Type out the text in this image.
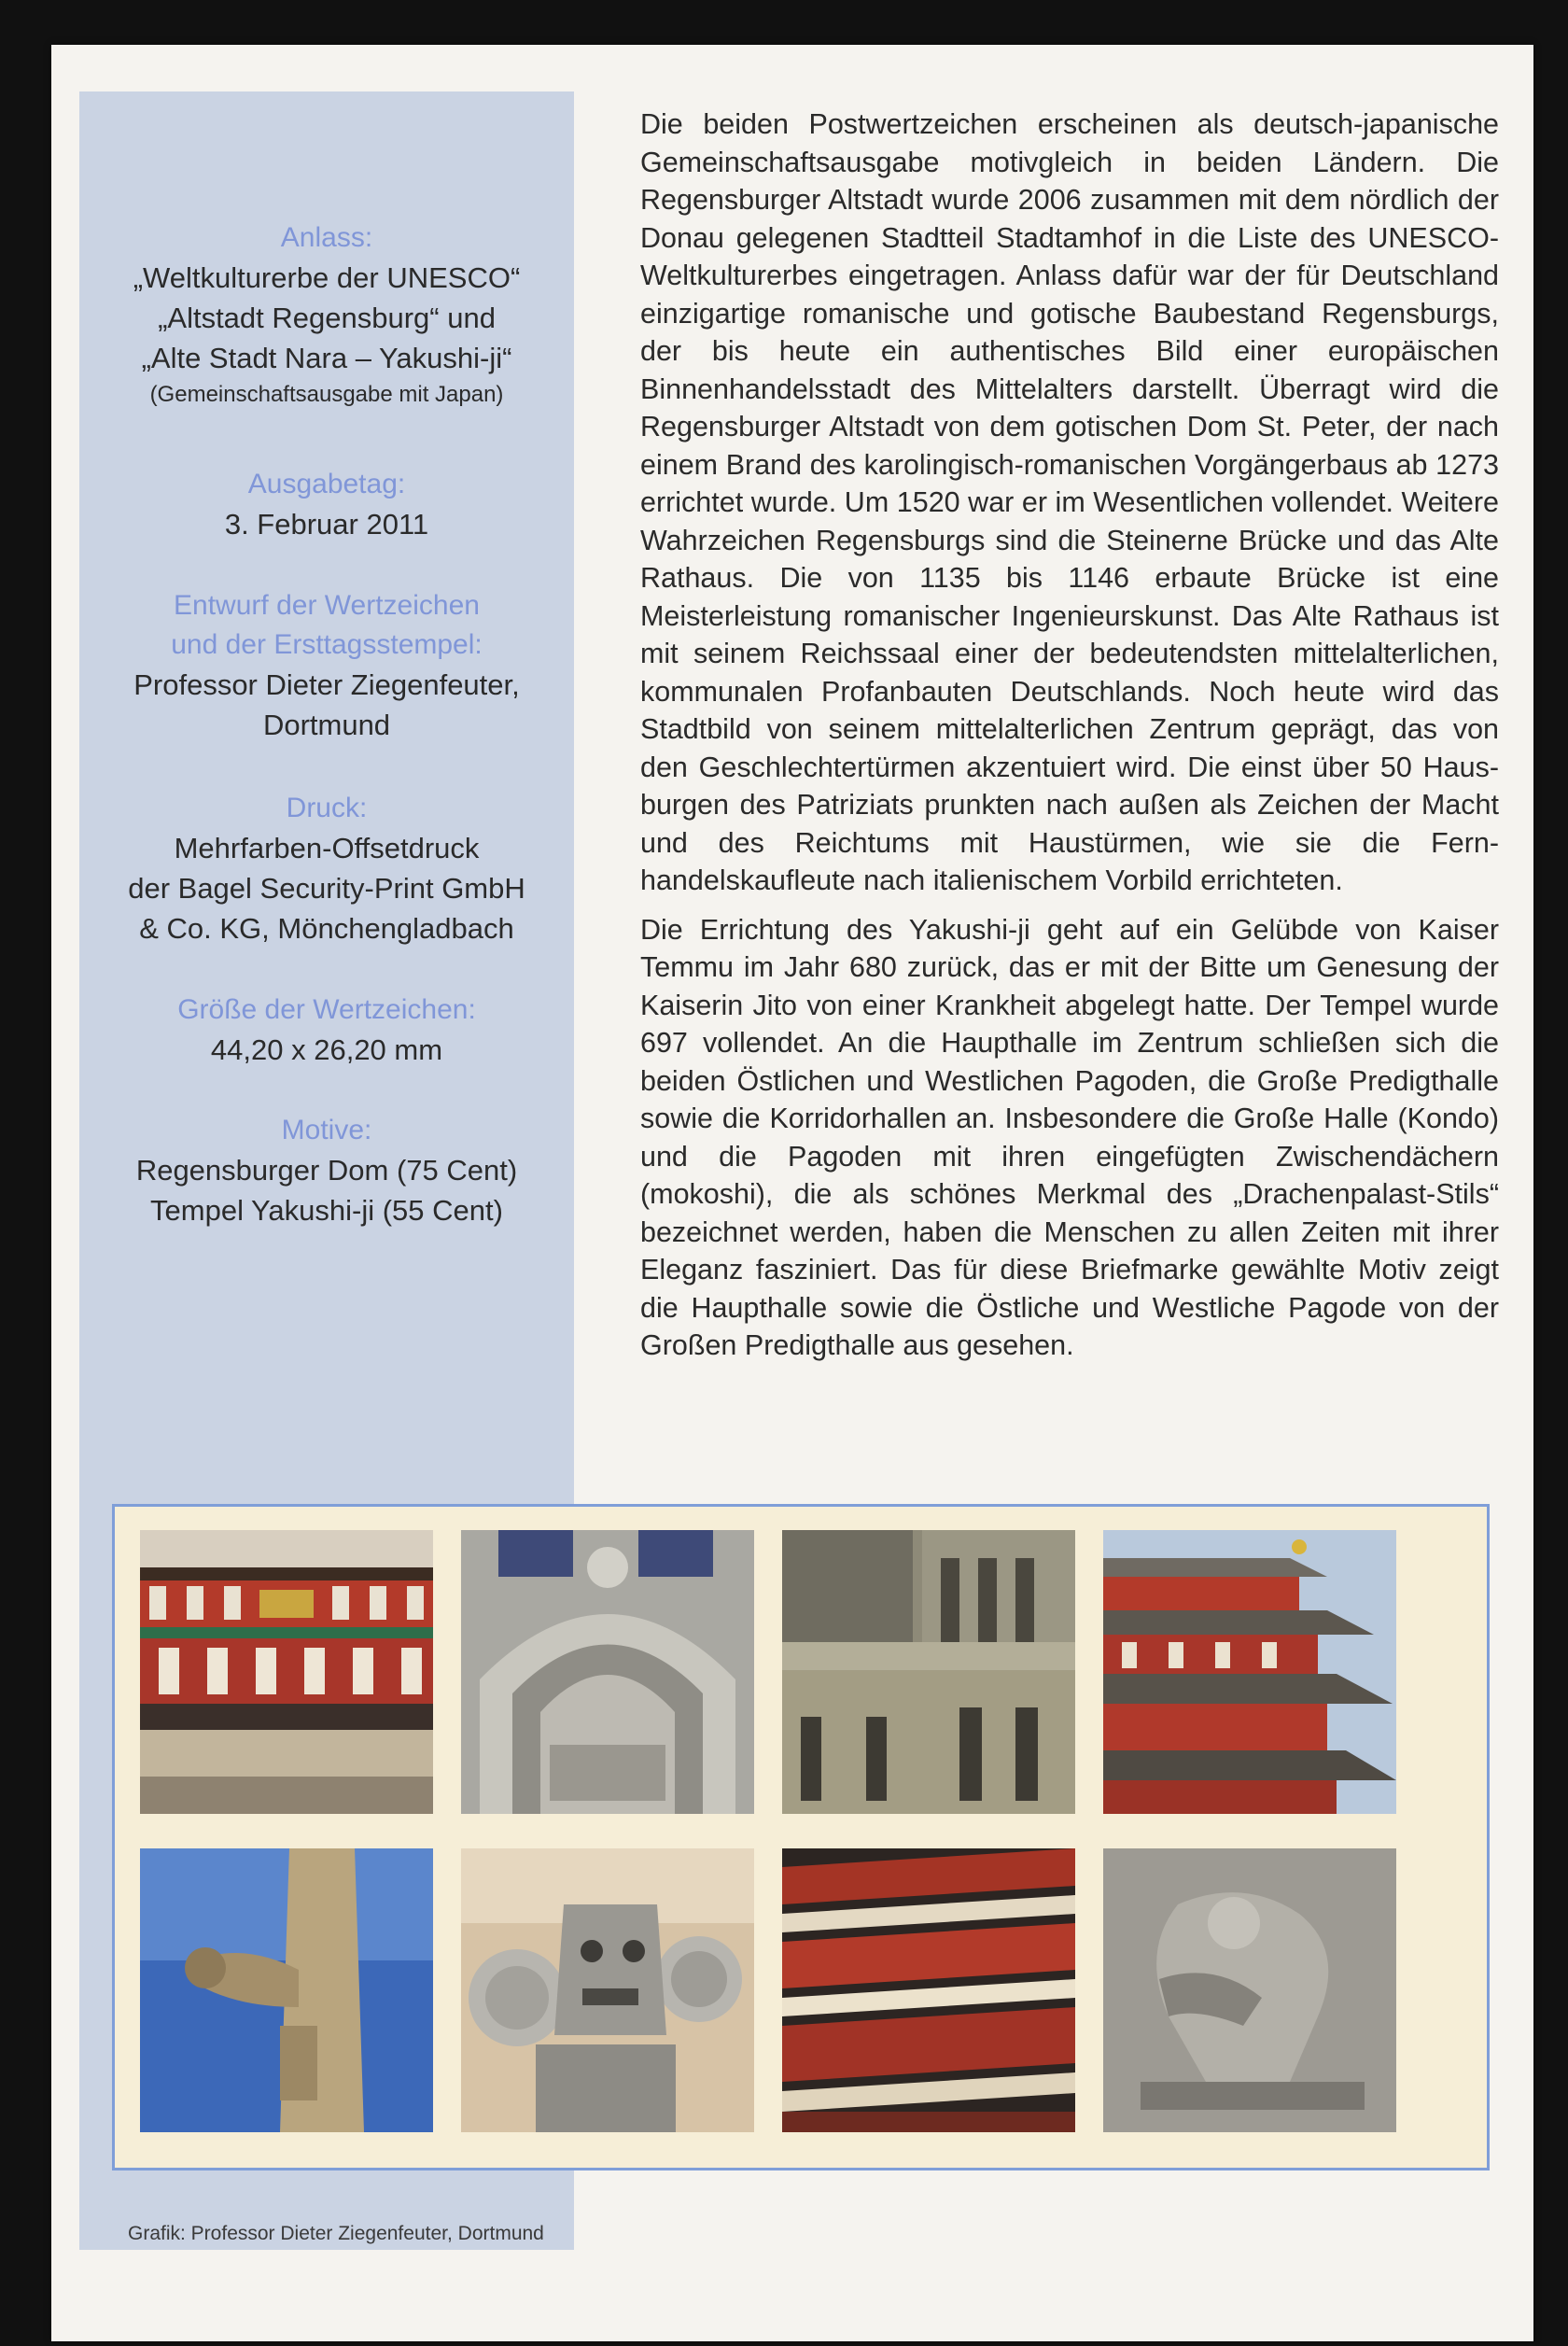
Anlass:
„Weltkulturerbe der UNESCO“
„Altstadt Regensburg“ und
„Alte Stadt Nara – Yakushi-ji“
(Gemeinschaftsausgabe mit Japan)
Ausgabetag:
3. Februar 2011
Entwurf der Wertzeichen
und der Ersttagsstempel:
Professor Dieter Ziegenfeuter,
Dortmund
Druck:
Mehrfarben-Offsetdruck
der Bagel Security-Print GmbH
& Co. KG, Mönchengladbach
Größe der Wertzeichen:
44,20 x 26,20 mm
Motive:
Regensburger Dom (75 Cent)
Tempel Yakushi-ji (55 Cent)
Grafik: Professor Dieter Ziegenfeuter, Dortmund

Die beiden Postwertzeichen erscheinen als deutsch-japanische Gemeinschaftsausgabe motivgleich in beiden Ländern. Die Regensburger Altstadt wurde 2006 zusammen mit dem nördlich der Donau gelegenen Stadtteil Stadtamhof in die Liste des UNESCO-Weltkulturerbes eingetragen. Anlass dafür war der für Deutschland einzigartige romanische und gotische Baubestand Regensburgs, der bis heute ein authentisches Bild einer europäischen Binnenhandelsstadt des Mittelalters darstellt. Überragt wird die Regensburger Altstadt von dem gotischen Dom St. Peter, der nach einem Brand des karolingisch-romanischen Vorgängerbaus ab 1273 errichtet wurde. Um 1520 war er im Wesentlichen vollendet. Weitere Wahrzeichen Regensburgs sind die Steinerne Brücke und das Alte Rathaus. Die von 1135 bis 1146 erbaute Brücke ist eine Meisterleistung romanischer Ingenieurskunst. Das Alte Rathaus ist mit seinem Reichssaal einer der bedeutendsten mittelalterlichen, kommunalen Profanbauten Deutschlands. Noch heute wird das Stadtbild von seinem mittelalterlichen Zentrum geprägt, das von den Geschlechtertürmen akzentuiert wird. Die einst über 50 Hausburgen des Patriziats prunkten nach außen als Zeichen der Macht und des Reichtums mit Haustürmen, wie sie die Fernhandelskaufleute nach italienischem Vorbild errichteten.

Die Errichtung des Yakushi-ji geht auf ein Gelübde von Kaiser Temmu im Jahr 680 zurück, das er mit der Bitte um Genesung der Kaiserin Jito von einer Krankheit abgelegt hatte. Der Tempel wurde 697 vollendet. An die Haupthalle im Zentrum schließen sich die beiden Östlichen und Westlichen Pagoden, die Große Predigthalle sowie die Korridorhallen an. Insbesondere die Große Halle (Kondo) und die Pagoden mit ihren eingefügten Zwischendächern (mokoshi), die als schönes Merkmal des „Drachenpalast-Stils“ bezeichnet werden, haben die Menschen zu allen Zeiten mit ihrer Eleganz fasziniert. Das für diese Briefmarke gewählte Motiv zeigt die Haupthalle sowie die Östliche und Westliche Pagode von der Großen Predigthalle aus gesehen.
